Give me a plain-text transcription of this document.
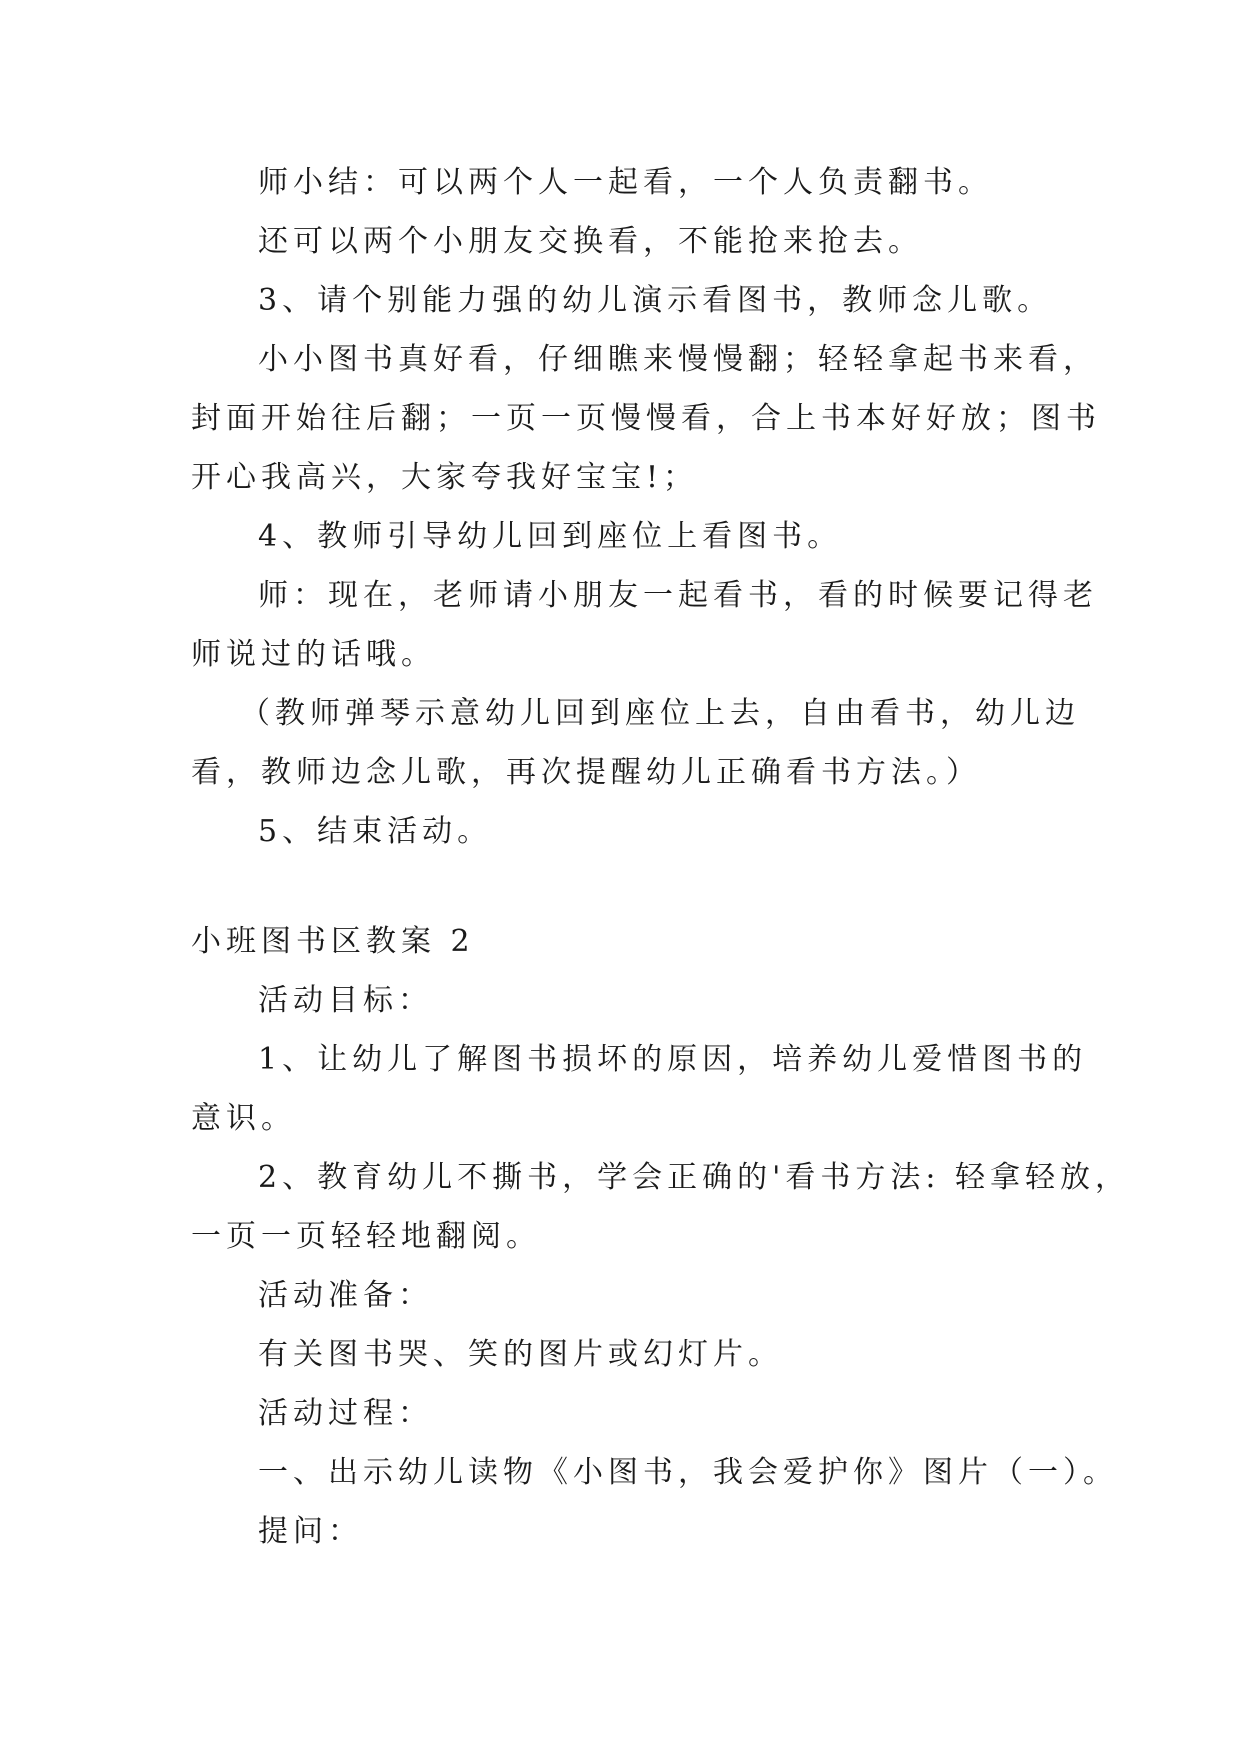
师小结：可以两个人一起看，一个人负责翻书。
还可以两个小朋友交换看，不能抢来抢去。
3、请个别能力强的幼儿演示看图书，教师念儿歌。
小小图书真好看，仔细瞧来慢慢翻；轻轻拿起书来看，
封面开始往后翻；一页一页慢慢看，合上书本好好放；图书
开心我高兴，大家夸我好宝宝!；
4、教师引导幼儿回到座位上看图书。
师：现在，老师请小朋友一起看书，看的时候要记得老
师说过的话哦。
（教师弹琴示意幼儿回到座位上去，自由看书，幼儿边
看，教师边念儿歌，再次提醒幼儿正确看书方法。）
5、结束活动。
小班图书区教案 2
活动目标：
1、让幼儿了解图书损坏的原因，培养幼儿爱惜图书的
意识。
2、教育幼儿不撕书，学会正确的'看书方法: 轻拿轻放，
一页一页轻轻地翻阅。
活动准备：
有关图书哭、笑的图片或幻灯片。
活动过程：
一、出示幼儿读物《小图书，我会爱护你》图片（一）。
提问：
